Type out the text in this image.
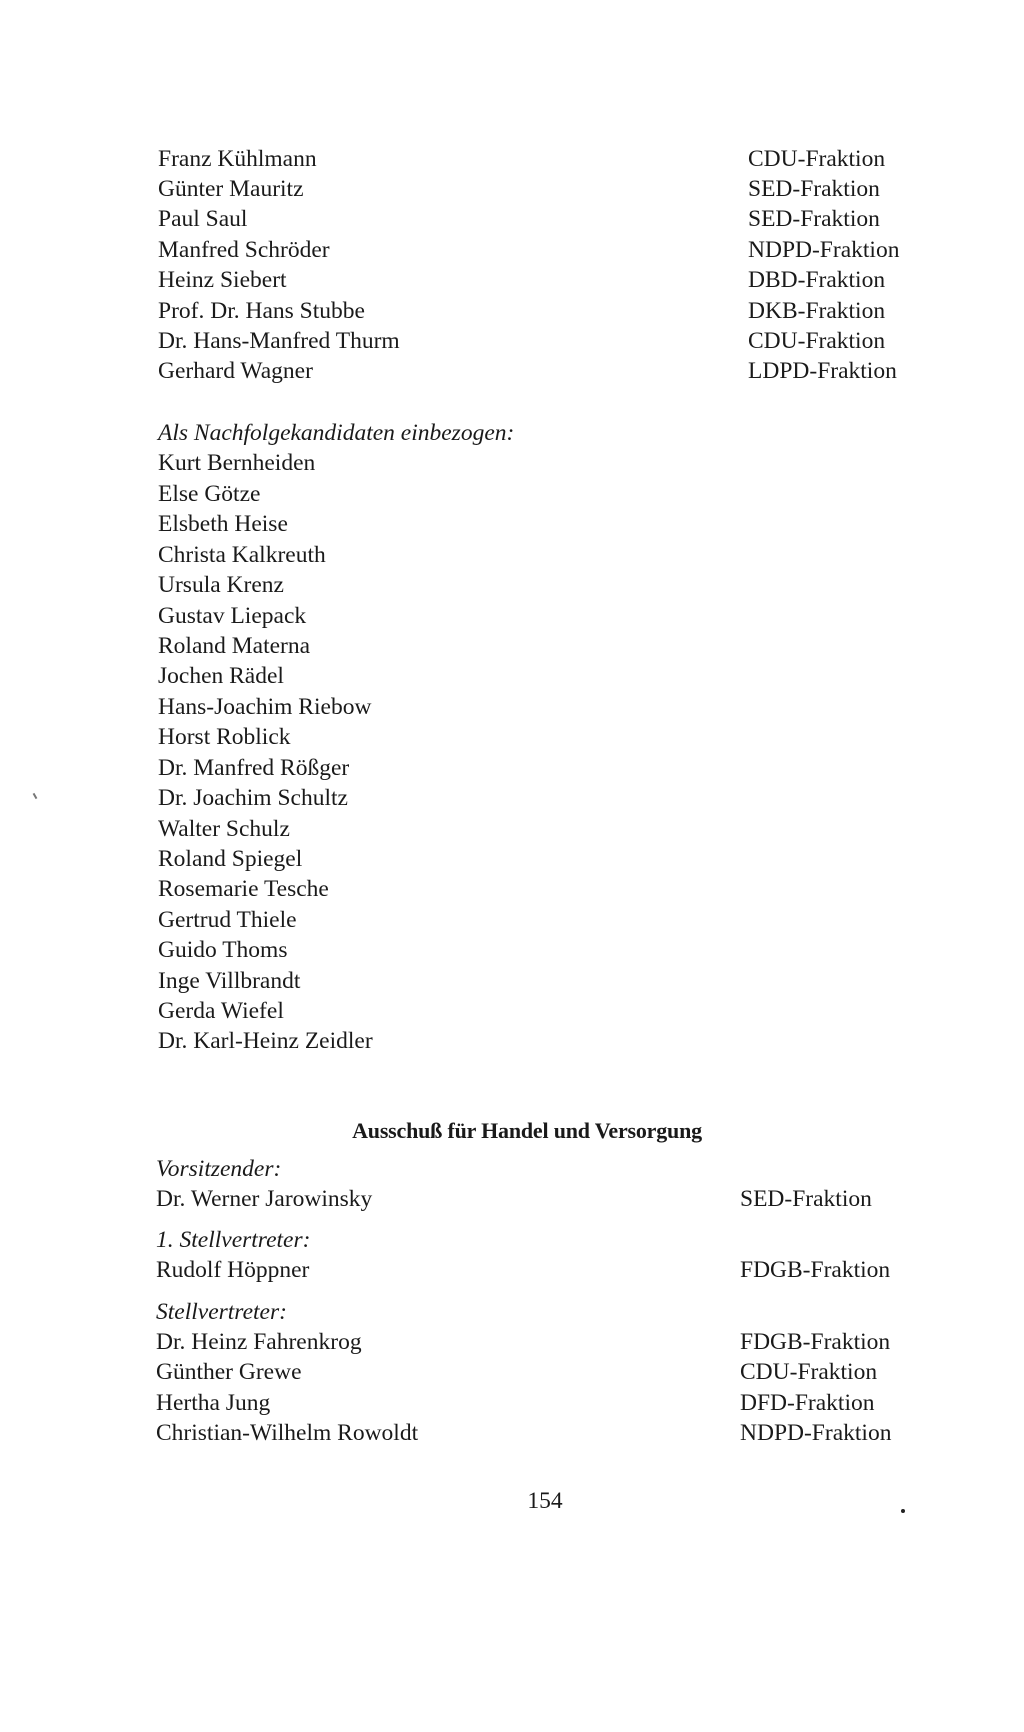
Franz Kühlmann	CDU-Fraktion
Günter Mauritz	SED-Fraktion
Paul Saul	SED-Fraktion
Manfred Schröder	NDPD-Fraktion
Heinz Siebert	DBD-Fraktion
Prof. Dr. Hans Stubbe	DKB-Fraktion
Dr. Hans-Manfred Thurm	CDU-Fraktion
Gerhard Wagner	LDPD-Fraktion
Als Nachfolgekandidaten einbezogen:
Kurt Bernheiden
Else Götze
Elsbeth Heise
Christa Kalkreuth
Ursula Krenz
Gustav Liepack
Roland Materna
Jochen Rädel
Hans-Joachim Riebow
Horst Roblick
Dr. Manfred Rößger
Dr. Joachim Schultz
Walter Schulz
Roland Spiegel
Rosemarie Tesche
Gertrud Thiele
Guido Thoms
Inge Villbrandt
Gerda Wiefel
Dr. Karl-Heinz Zeidler
Ausschuß für Handel und Versorgung
Vorsitzender:
Dr. Werner Jarowinsky	SED-Fraktion
1. Stellvertreter:
Rudolf Höppner	FDGB-Fraktion
Stellvertreter:
Dr. Heinz Fahrenkrog	FDGB-Fraktion
Günther Grewe	CDU-Fraktion
Hertha Jung	DFD-Fraktion
Christian-Wilhelm Rowoldt	NDPD-Fraktion
154
